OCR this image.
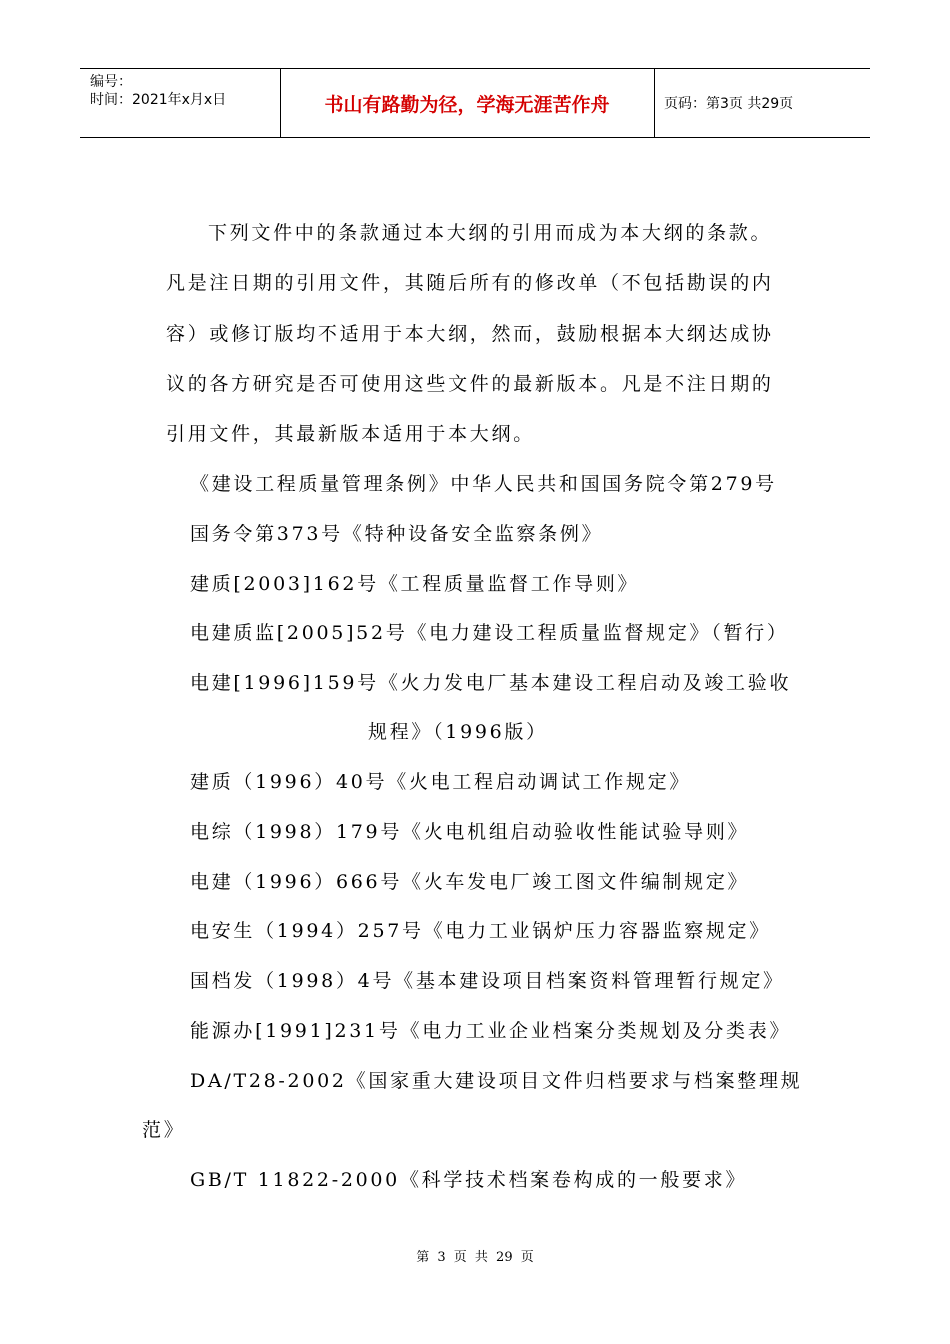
编号：
时间：2021年x月x日	书山有路勤为径，学海无涯苦作舟	页码：第3页 共29页
下列文件中的条款通过本大纲的引用而成为本大纲的条款。
凡是注日期的引用文件，其随后所有的修改单（不包括勘误的内
容）或修订版均不适用于本大纲，然而，鼓励根据本大纲达成协
议的各方研究是否可使用这些文件的最新版本。凡是不注日期的
引用文件，其最新版本适用于本大纲。
《建设工程质量管理条例》中华人民共和国国务院令第279号
国务令第373号《特种设备安全监察条例》
建质[2003]162号《工程质量监督工作导则》
电建质监[2005]52号《电力建设工程质量监督规定》（暂行）
电建[1996]159号《火力发电厂基本建设工程启动及竣工验收
规程》（1996版）
建质（1996）40号《火电工程启动调试工作规定》
电综（1998）179号《火电机组启动验收性能试验导则》
电建（1996）666号《火车发电厂竣工图文件编制规定》
电安生（1994）257号《电力工业锅炉压力容器监察规定》
国档发（1998）4号《基本建设项目档案资料管理暂行规定》
能源办[1991]231号《电力工业企业档案分类规划及分类表》
DA/T28-2002《国家重大建设项目文件归档要求与档案整理规
范》
GB/T 11822-2000《科学技术档案卷构成的一般要求》
第 3 页 共 29 页
